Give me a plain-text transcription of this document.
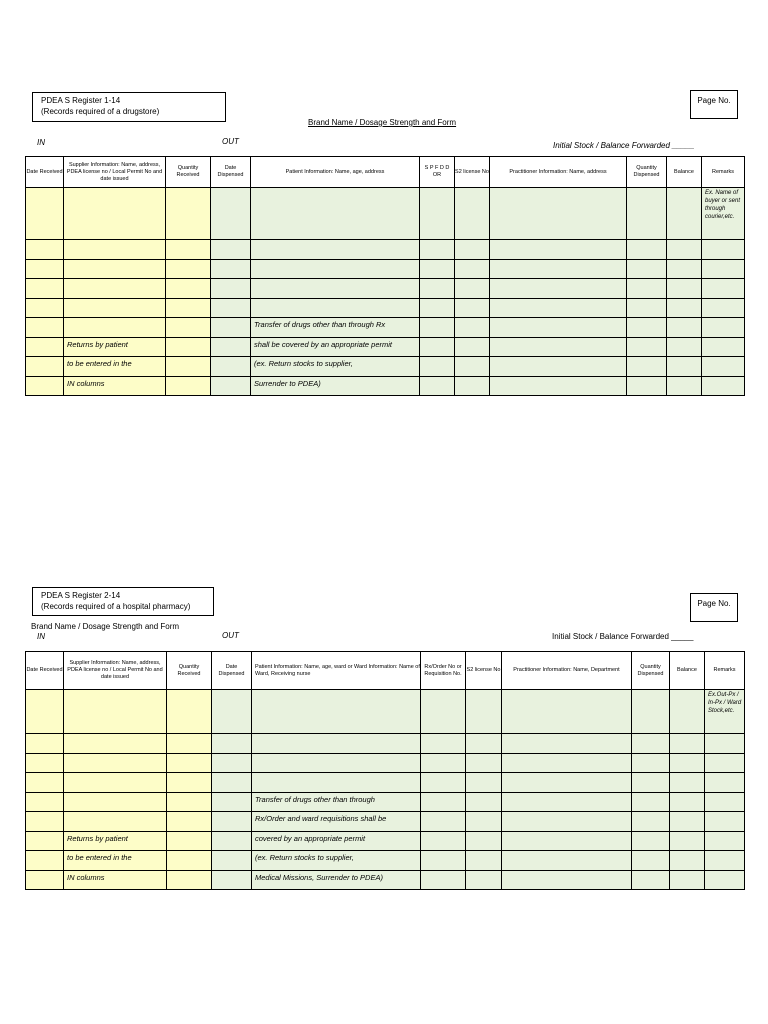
PDEA S Register 1-14
(Records required of a drugstore)
Page No.
Brand Name / Dosage Strength and Form
IN	OUT	Initial Stock / Balance Forwarded _____
Date Received	Supplier Information: Name, address, PDEA license no / Local Permit No and date issued	Quantity Received	Date Dispensed	Patient Information: Name, age, address	S P F D D OR	S2 license No	Practitioner Information: Name, address	Quantity Dispensed	Balance	Remarks
										Ex. Name of buyer or sent through courier,etc.

				Transfer of drugs other than through Rx						
	Returns by patient			shall be covered by an appropriate permit						
	to be entered in the			(ex. Return stocks to supplier,						
	IN columns			Surrender to PDEA)						
PDEA S Register 2-14
(Records required of a hospital pharmacy)	Page No.
Brand Name / Dosage Strength and Form
IN	OUT	Initial Stock / Balance Forwarded _____
Date Received	Supplier Information: Name, address, PDEA license no / Local Permit No and date issued	Quantity Received	Date Dispensed	Patient Information: Name, age, ward or Ward Information: Name of Ward, Receiving nurse	Rx/Order No or Requisition No.	S2 license No	Practitioner Information: Name, Department	Quantity Dispensed	Balance	Remarks
										Ex.Out-Px / In-Px / Ward Stock,etc.

				Transfer of drugs other than through						
				Rx/Order and ward requisitions shall be						
	Returns by patient			covered by an appropriate permit						
	to be entered in the			(ex. Return stocks to supplier,						
	IN columns			Medical Missions, Surrender to PDEA)						
